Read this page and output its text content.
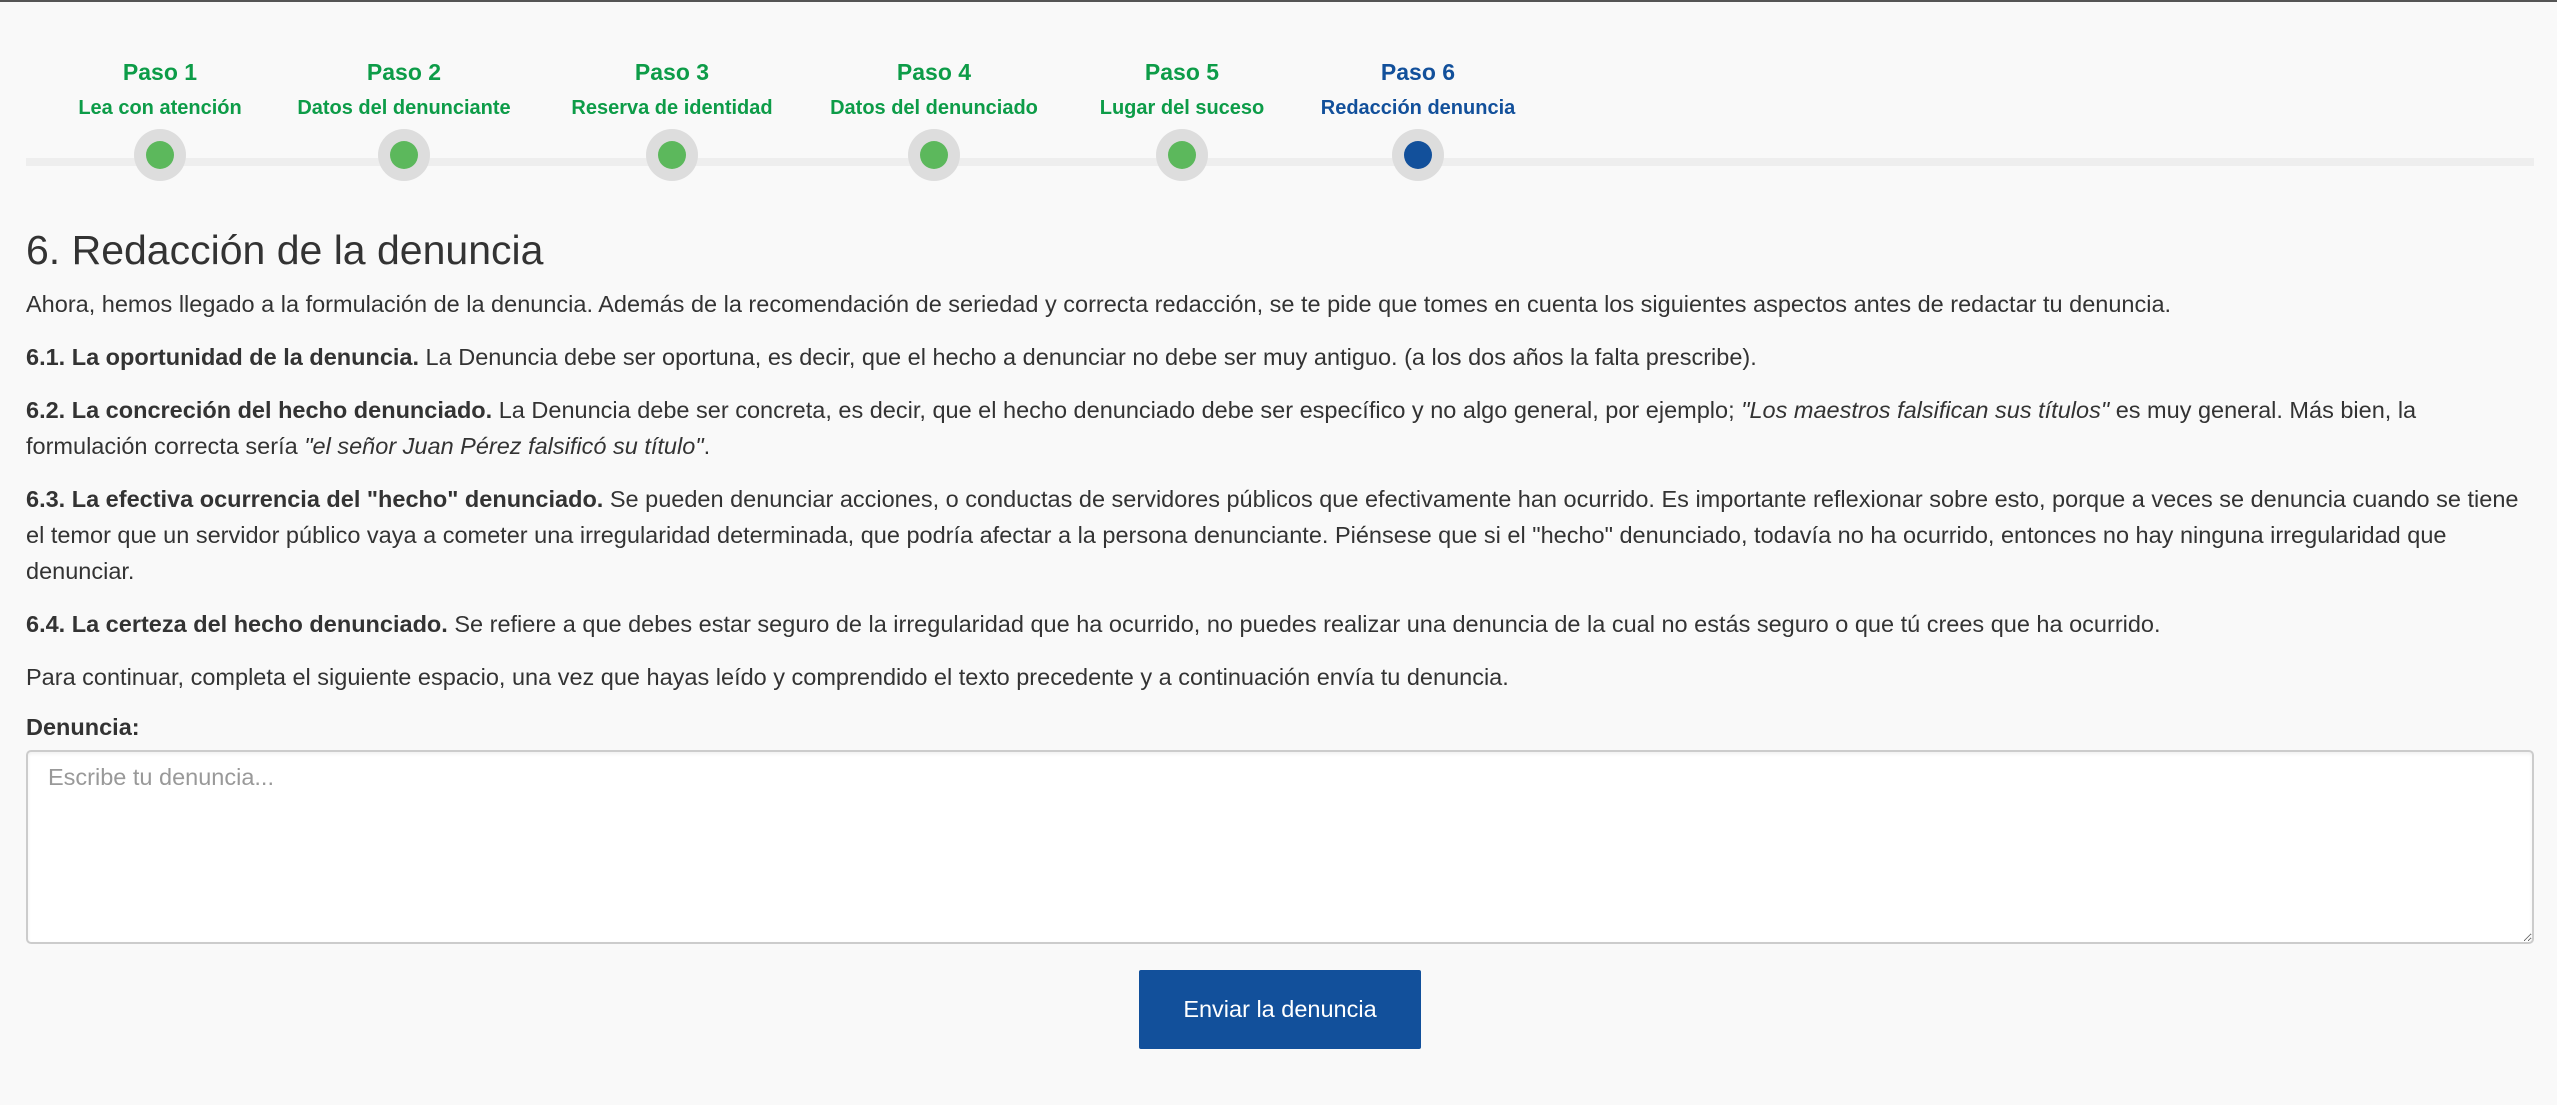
Paso 1
Lea con atención
Paso 2
Datos del denunciante
Paso 3
Reserva de identidad
Paso 4
Datos del denunciado
Paso 5
Lugar del suceso
Paso 6
Redacción denuncia
6. Redacción de la denuncia

Ahora, hemos llegado a la formulación de la denuncia. Además de la recomendación de seriedad y correcta redacción, se te pide que tomes en cuenta los siguientes aspectos antes de redactar tu denuncia.

6.1. La oportunidad de la denuncia. La Denuncia debe ser oportuna, es decir, que el hecho a denunciar no debe ser muy antiguo. (a los dos años la falta prescribe).

6.2. La concreción del hecho denunciado. La Denuncia debe ser concreta, es decir, que el hecho denunciado debe ser específico y no algo general, por ejemplo; "Los maestros falsifican sus títulos" es muy general. Más bien, la formulación correcta sería "el señor Juan Pérez falsificó su título".

6.3. La efectiva ocurrencia del "hecho" denunciado. Se pueden denunciar acciones, o conductas de servidores públicos que efectivamente han ocurrido. Es importante reflexionar sobre esto, porque a veces se denuncia cuando se tiene el temor que un servidor público vaya a cometer una irregularidad determinada, que podría afectar a la persona denunciante. Piénsese que si el "hecho" denunciado, todavía no ha ocurrido, entonces no hay ninguna irregularidad que denunciar.

6.4. La certeza del hecho denunciado. Se refiere a que debes estar seguro de la irregularidad que ha ocurrido, no puedes realizar una denuncia de la cual no estás seguro o que tú crees que ha ocurrido.

Para continuar, completa el siguiente espacio, una vez que hayas leído y comprendido el texto precedente y a continuación envía tu denuncia.

Denuncia:
Escribe tu denuncia...
Enviar la denuncia
